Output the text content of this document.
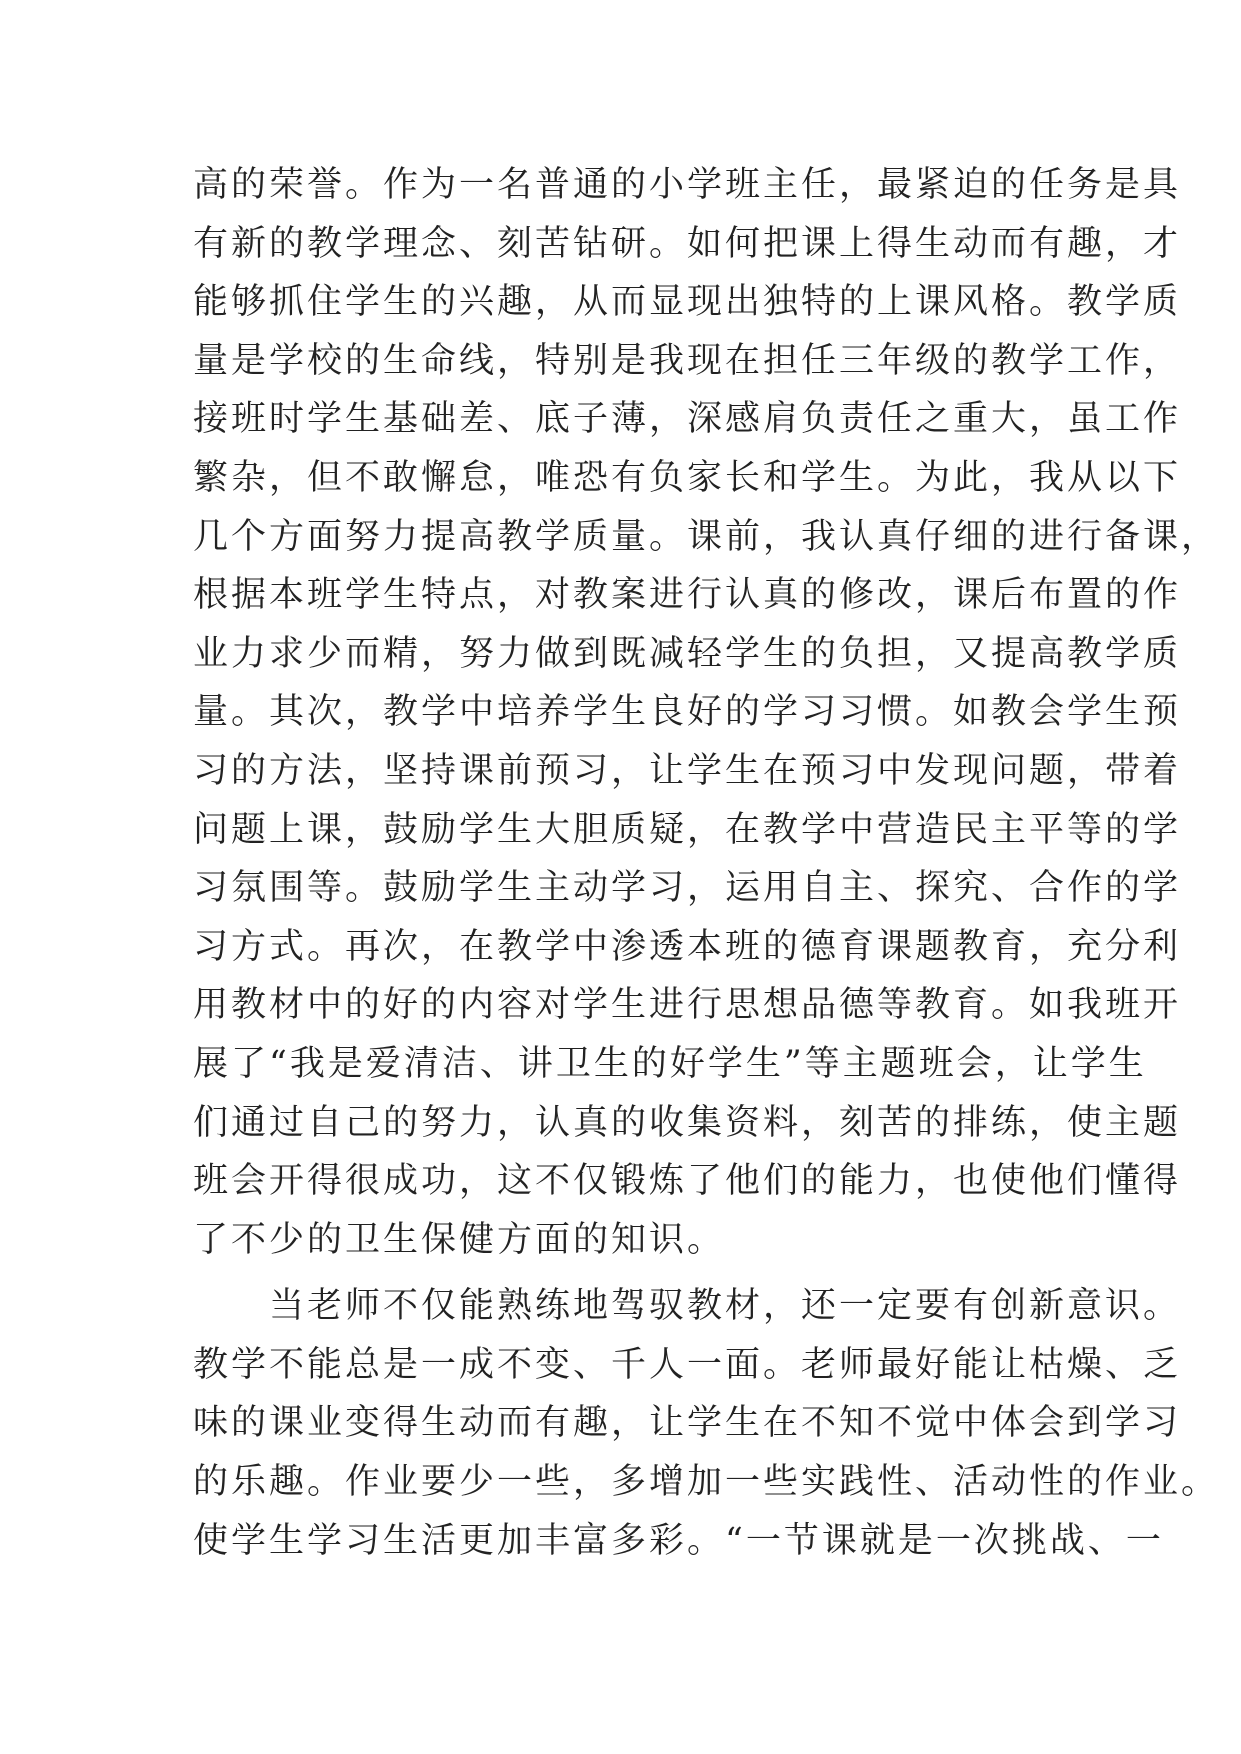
高的荣誉。作为一名普通的小学班主任，最紧迫的任务是具
有新的教学理念、刻苦钻研。如何把课上得生动而有趣，才
能够抓住学生的兴趣，从而显现出独特的上课风格。教学质
量是学校的生命线，特别是我现在担任三年级的教学工作，
接班时学生基础差、底子薄，深感肩负责任之重大，虽工作
繁杂，但不敢懈怠，唯恐有负家长和学生。为此，我从以下
几个方面努力提高教学质量。课前，我认真仔细的进行备课，
根据本班学生特点，对教案进行认真的修改，课后布置的作
业力求少而精，努力做到既减轻学生的负担，又提高教学质
量。其次，教学中培养学生良好的学习习惯。如教会学生预
习的方法，坚持课前预习，让学生在预习中发现问题，带着
问题上课，鼓励学生大胆质疑，在教学中营造民主平等的学
习氛围等。鼓励学生主动学习，运用自主、探究、合作的学
习方式。再次，在教学中渗透本班的德育课题教育，充分利
用教材中的好的内容对学生进行思想品德等教育。如我班开
展了“我是爱清洁、讲卫生的好学生”等主题班会，让学生
们通过自己的努力，认真的收集资料，刻苦的排练，使主题
班会开得很成功，这不仅锻炼了他们的能力，也使他们懂得
了不少的卫生保健方面的知识。
　　当老师不仅能熟练地驾驭教材，还一定要有创新意识。
教学不能总是一成不变、千人一面。老师最好能让枯燥、乏
味的课业变得生动而有趣，让学生在不知不觉中体会到学习
的乐趣。作业要少一些，多增加一些实践性、活动性的作业。
使学生学习生活更加丰富多彩。“一节课就是一次挑战、一
